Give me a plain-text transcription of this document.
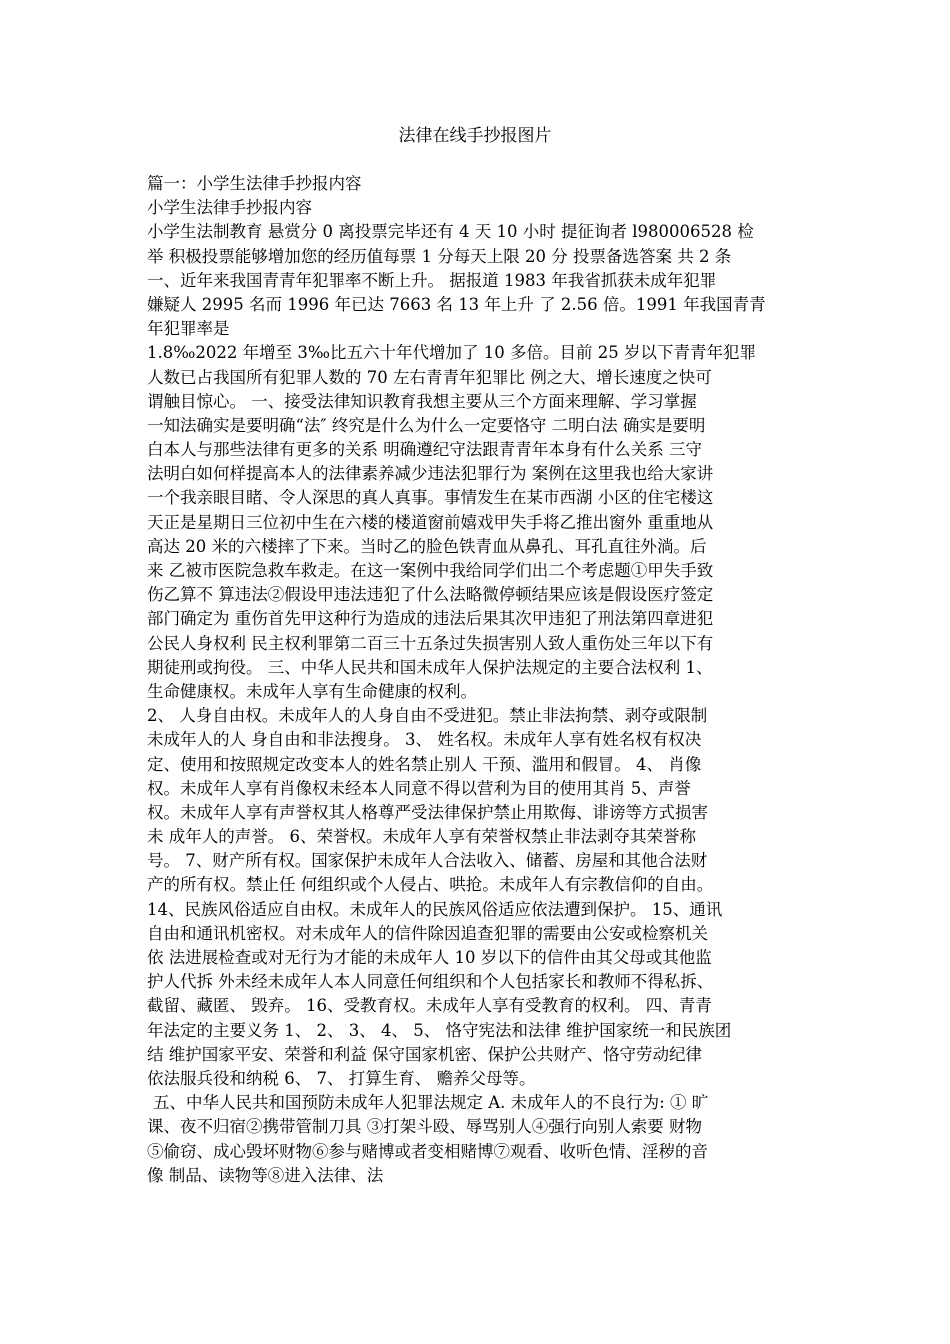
法律在线手抄报图片
篇一：小学生法律手抄报内容
小学生法律手抄报内容
小学生法制教育 悬赏分 0 离投票完毕还有 4 天 10 小时 提征询者 l980006528 检
举 积极投票能够增加您的经历值每票 1 分每天上限 20 分 投票备选答案 共 2 条
一、近年来我国青青年犯罪率不断上升。 据报道 1983 年我省抓获未成年犯罪
嫌疑人 2995 名而 1996 年已达 7663 名 13 年上升 了 2.56 倍。1991 年我国青青
年犯罪率是
1.8‰2022 年增至 3‰比五六十年代增加了 10 多倍。目前 25 岁以下青青年犯罪
人数已占我国所有犯罪人数的 70 左右青青年犯罪比 例之大、增长速度之快可
谓触目惊心。 一、接受法律知识教育我想主要从三个方面来理解、学习掌握
一知法确实是要明确“法″ 终究是什么为什么一定要恪守 二明白法 确实是要明
白本人与那些法律有更多的关系 明确遵纪守法跟青青年本身有什么关系 三守
法明白如何样提高本人的法律素养减少违法犯罪行为 案例在这里我也给大家讲
一个我亲眼目睹、令人深思的真人真事。事情发生在某市西湖 小区的住宅楼这
天正是星期日三位初中生在六楼的楼道窗前嬉戏甲失手将乙推出窗外 重重地从
高达 20 米的六楼摔了下来。当时乙的脸色铁青血从鼻孔、耳孔直往外淌。后
来 乙被市医院急救车救走。在这一案例中我给同学们出二个考虑题①甲失手致
伤乙算不 算违法②假设甲违法违犯了什么法略微停顿结果应该是假设医疗签定
部门确定为 重伤首先甲这种行为造成的违法后果其次甲违犯了刑法第四章进犯
公民人身权利 民主权利罪第二百三十五条过失损害别人致人重伤处三年以下有
期徒刑或拘役。 三、中华人民共和国未成年人保护法规定的主要合法权利 1、
生命健康权。未成年人享有生命健康的权利。
2、 人身自由权。未成年人的人身自由不受进犯。禁止非法拘禁、剥夺或限制
未成年人的人 身自由和非法搜身。 3、 姓名权。未成年人享有姓名权有权决
定、使用和按照规定改变本人的姓名禁止别人 干预、滥用和假冒。 4、 肖像
权。未成年人享有肖像权未经本人同意不得以营利为目的使用其肖 5、声誉
权。未成年人享有声誉权其人格尊严受法律保护禁止用欺侮、诽谤等方式损害
未 成年人的声誉。 6、荣誉权。未成年人享有荣誉权禁止非法剥夺其荣誉称
号。 7、财产所有权。国家保护未成年人合法收入、储蓄、房屋和其他合法财
产的所有权。禁止任 何组织或个人侵占、哄抢。未成年人有宗教信仰的自由。
14、民族风俗适应自由权。未成年人的民族风俗适应依法遭到保护。 15、通讯
自由和通讯机密权。对未成年人的信件除因追查犯罪的需要由公安或检察机关
依 法进展检查或对无行为才能的未成年人 10 岁以下的信件由其父母或其他监
护人代拆 外未经未成年人本人同意任何组织和个人包括家长和教师不得私拆、
截留、藏匿、 毁弃。 16、受教育权。未成年人享有受教育的权利。 四、青青
年法定的主要义务 1、 2、 3、 4、 5、 恪守宪法和法律 维护国家统一和民族团
结 维护国家平安、荣誉和利益 保守国家机密、保护公共财产、恪守劳动纪律
依法服兵役和纳税 6、 7、 打算生育、 赡养父母等。
五、中华人民共和国预防未成年人犯罪法规定 A. 未成年人的不良行为: ① 旷
课、夜不归宿②携带管制刀具 ③打架斗殴、辱骂别人④强行向别人索要 财物
⑤偷窃、成心毁坏财物⑥参与赌博或者变相赌博⑦观看、收听色情、淫秽的音
像 制品、读物等⑧进入法律、法
